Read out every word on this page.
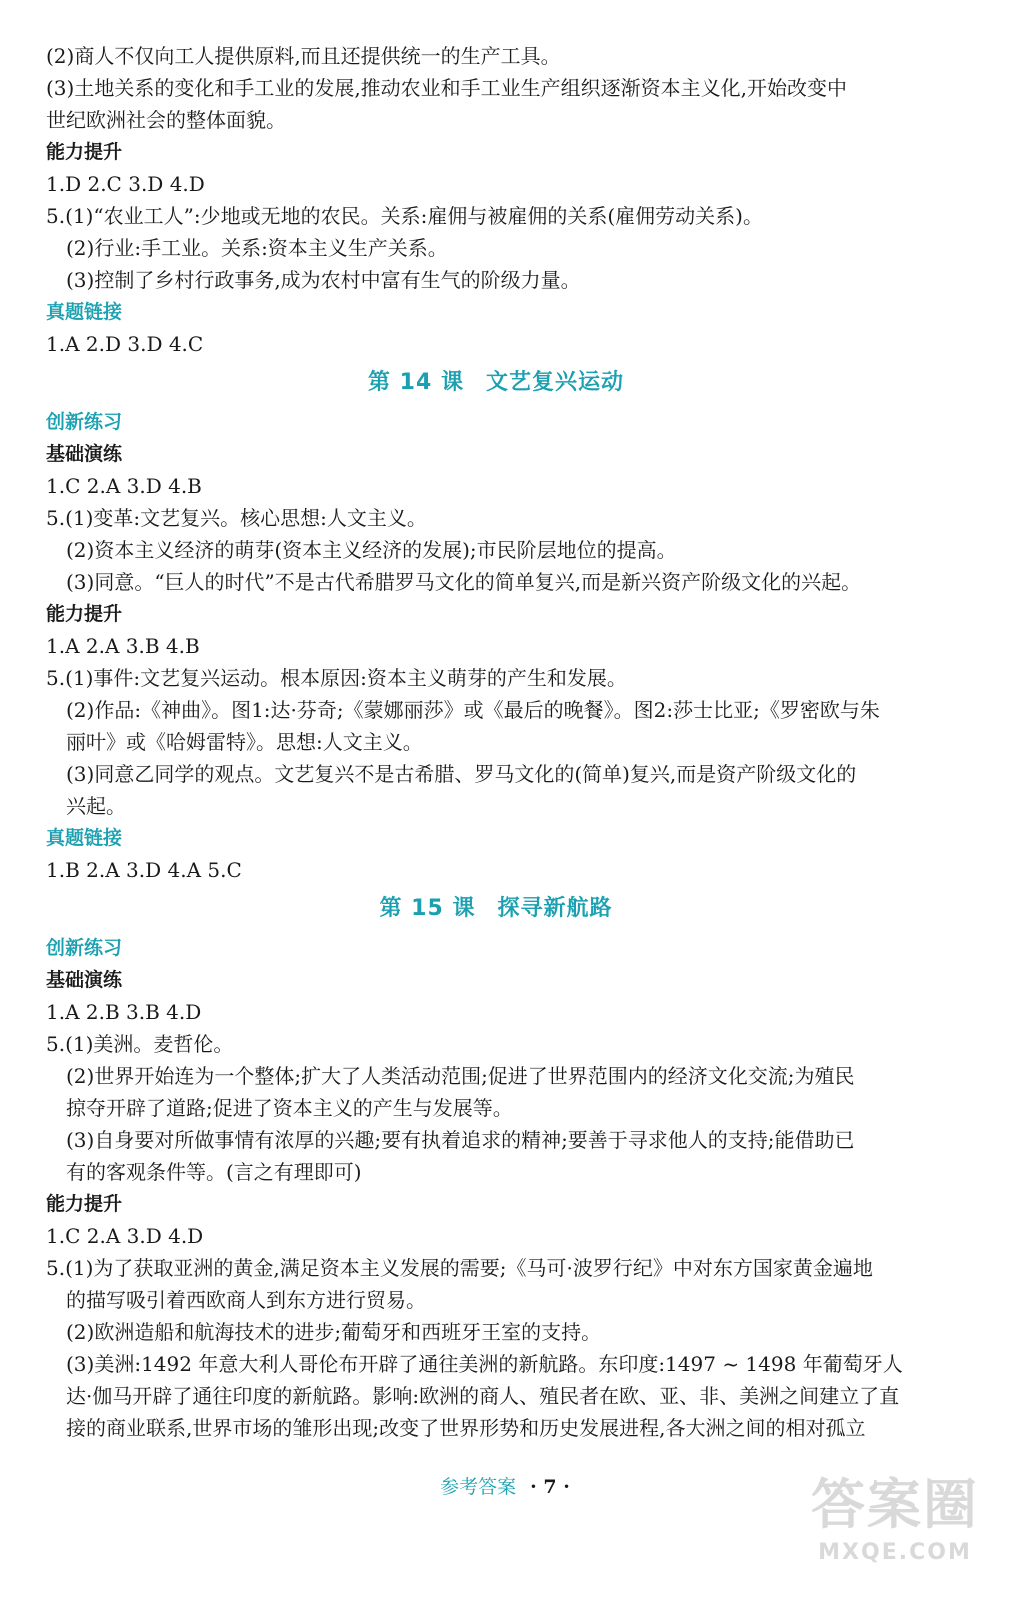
(2)商人不仅向工人提供原料,而且还提供统一的生产工具。
(3)土地关系的变化和手工业的发展,推动农业和手工业生产组织逐渐资本主义化,开始改变中
世纪欧洲社会的整体面貌。
能力提升
1.D 2.C 3.D 4.D
5.(1)“农业工人”:少地或无地的农民。关系:雇佣与被雇佣的关系(雇佣劳动关系)。
(2)行业:手工业。关系:资本主义生产关系。
(3)控制了乡村行政事务,成为农村中富有生气的阶级力量。
真题链接
1.A 2.D 3.D 4.C
第 14 课 文艺复兴运动
创新练习
基础演练
1.C 2.A 3.D 4.B
5.(1)变革:文艺复兴。核心思想:人文主义。
(2)资本主义经济的萌芽(资本主义经济的发展);市民阶层地位的提高。
(3)同意。“巨人的时代”不是古代希腊罗马文化的简单复兴,而是新兴资产阶级文化的兴起。
能力提升
1.A 2.A 3.B 4.B
5.(1)事件:文艺复兴运动。根本原因:资本主义萌芽的产生和发展。
(2)作品:《神曲》。图1:达·芬奇;《蒙娜丽莎》或《最后的晚餐》。图2:莎士比亚;《罗密欧与朱
丽叶》或《哈姆雷特》。思想:人文主义。
(3)同意乙同学的观点。文艺复兴不是古希腊、罗马文化的(简单)复兴,而是资产阶级文化的
兴起。
真题链接
1.B 2.A 3.D 4.A 5.C
第 15 课 探寻新航路
创新练习
基础演练
1.A 2.B 3.B 4.D
5.(1)美洲。麦哲伦。
(2)世界开始连为一个整体;扩大了人类活动范围;促进了世界范围内的经济文化交流;为殖民
掠夺开辟了道路;促进了资本主义的产生与发展等。
(3)自身要对所做事情有浓厚的兴趣;要有执着追求的精神;要善于寻求他人的支持;能借助已
有的客观条件等。(言之有理即可)
能力提升
1.C 2.A 3.D 4.D
5.(1)为了获取亚洲的黄金,满足资本主义发展的需要;《马可·波罗行纪》中对东方国家黄金遍地
的描写吸引着西欧商人到东方进行贸易。
(2)欧洲造船和航海技术的进步;葡萄牙和西班牙王室的支持。
(3)美洲:1492 年意大利人哥伦布开辟了通往美洲的新航路。东印度:1497 ~ 1498 年葡萄牙人
达·伽马开辟了通往印度的新航路。影响:欧洲的商人、殖民者在欧、亚、非、美洲之间建立了直
接的商业联系,世界市场的雏形出现;改变了世界形势和历史发展进程,各大洲之间的相对孤立
参考答案 · 7 ·	答案圈
MXQE.COM
